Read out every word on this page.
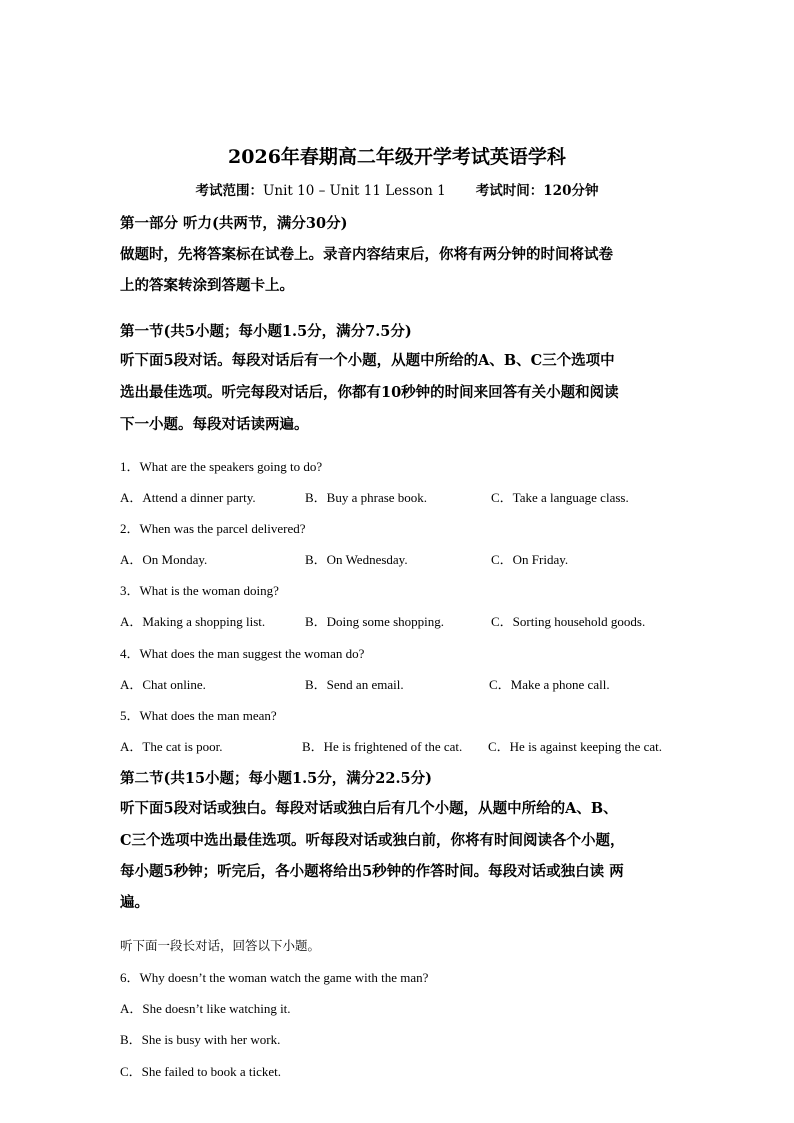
2026年春期高二年级开学考试英语学科
考试范围：Unit 10 – Unit 11 Lesson 1 考试时间：120分钟
第一部分 听力(共两节，满分30分)
做题时，先将答案标在试卷上。录音内容结束后，你将有两分钟的时间将试卷
上的答案转涂到答题卡上。
第一节(共5小题；每小题1.5分，满分7.5分)
听下面5段对话。每段对话后有一个小题，从题中所给的A、B、C三个选项中
选出最佳选项。听完每段对话后，你都有10秒钟的时间来回答有关小题和阅读
下一小题。每段对话读两遍。
1．What are the speakers going to do?
A．Attend a dinner party.	B．Buy a phrase book.	C．Take a language class.
2．When was the parcel delivered?
A．On Monday.	B．On Wednesday.	C．On Friday.
3．What is the woman doing?
A．Making a shopping list.	B．Doing some shopping.	C．Sorting household goods.
4．What does the man suggest the woman do?
A．Chat online.	B．Send an email.	C．Make a phone call.
5．What does the man mean?
A．The cat is poor.	B．He is frightened of the cat. C．He is against keeping the cat.
第二节(共15小题；每小题1.5分，满分22.5分)
听下面5段对话或独白。每段对话或独白后有几个小题，从题中所给的A、B、
C三个选项中选出最佳选项。听每段对话或独白前，你将有时间阅读各个小题，
每小题5秒钟；听完后，各小题将给出5秒钟的作答时间。每段对话或独白读 两
遍。
听下面一段长对话，回答以下小题。
6．Why doesn’t the woman watch the game with the man?
A．She doesn’t like watching it.
B．She is busy with her work.
C．She failed to book a ticket.
